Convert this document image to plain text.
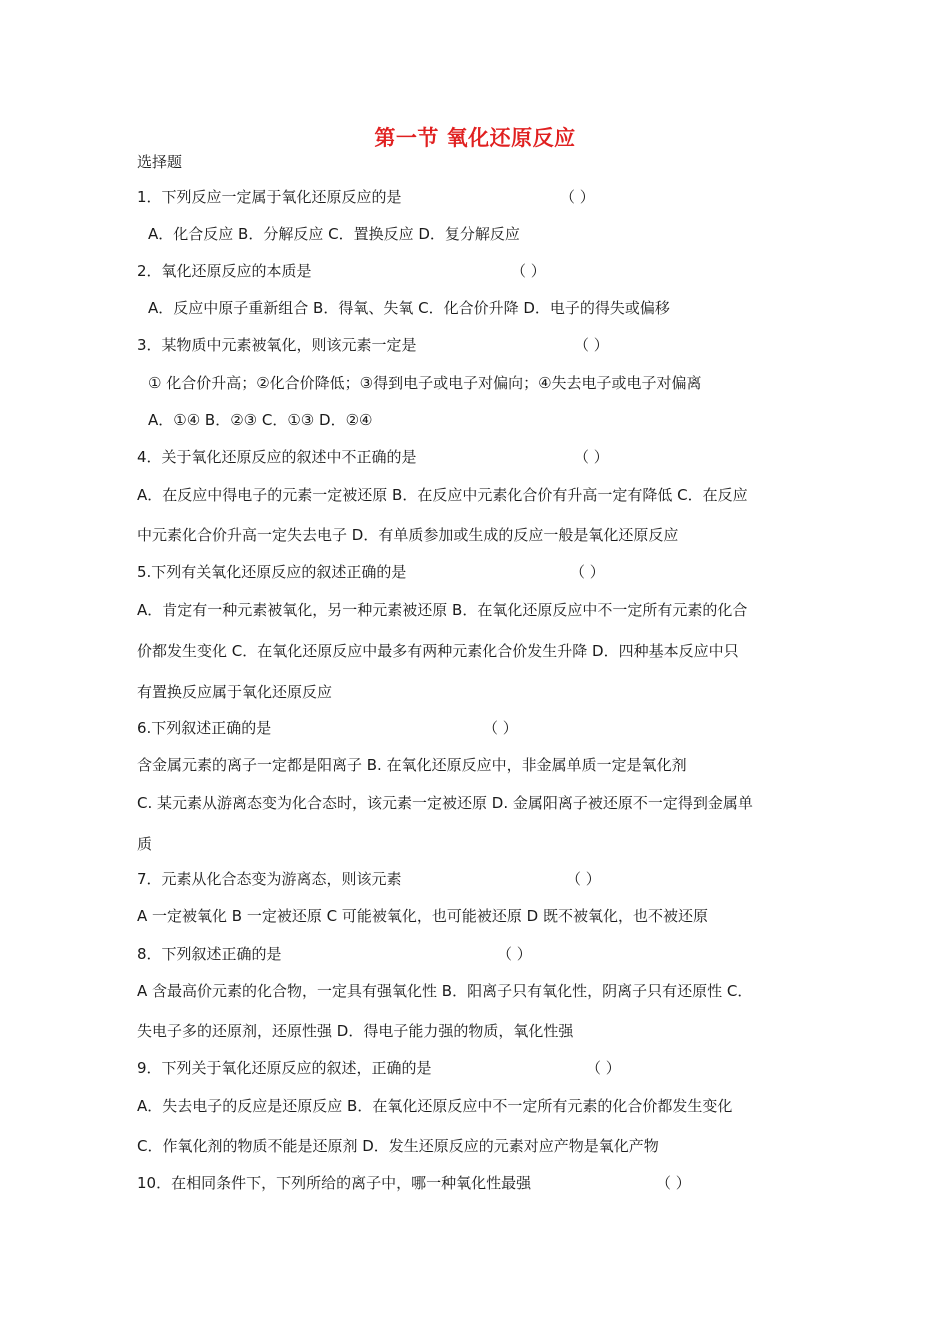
第一节 氧化还原反应
选择题
1．下列反应一定属于氧化还原反应的是	（ ）
A．化合反应 B．分解反应 C．置换反应 D．复分解反应
2．氧化还原反应的本质是	（ ）
A．反应中原子重新组合 B．得氧、失氧 C．化合价升降 D．电子的得失或偏移
3．某物质中元素被氧化，则该元素一定是	（ ）
① 化合价升高；②化合价降低；③得到电子或电子对偏向；④失去电子或电子对偏离
A．①④ B．②③ C．①③ D．②④
4．关于氧化还原反应的叙述中不正确的是	（ ）
A．在反应中得电子的元素一定被还原 B．在反应中元素化合价有升高一定有降低 C．在反应
中元素化合价升高一定失去电子 D．有单质参加或生成的反应一般是氧化还原反应
5.下列有关氧化还原反应的叙述正确的是	（ ）
A．肯定有一种元素被氧化，另一种元素被还原 B．在氧化还原反应中不一定所有元素的化合
价都发生变化 C．在氧化还原反应中最多有两种元素化合价发生升降 D．四种基本反应中只
有置换反应属于氧化还原反应
6.下列叙述正确的是	（ ）
含金属元素的离子一定都是阳离子 B. 在氧化还原反应中，非金属单质一定是氧化剂
C. 某元素从游离态变为化合态时，该元素一定被还原 D. 金属阳离子被还原不一定得到金属单
质
7．元素从化合态变为游离态，则该元素	（ ）
A 一定被氧化 B 一定被还原 C 可能被氧化，也可能被还原 D 既不被氧化，也不被还原
8．下列叙述正确的是	（ ）
A 含最高价元素的化合物，一定具有强氧化性 B．阳离子只有氧化性，阴离子只有还原性 C．
失电子多的还原剂，还原性强 D．得电子能力强的物质，氧化性强
9．下列关于氧化还原反应的叙述，正确的是	（ ）
A．失去电子的反应是还原反应 B．在氧化还原反应中不一定所有元素的化合价都发生变化
C．作氧化剂的物质不能是还原剂 D．发生还原反应的元素对应产物是氧化产物
10．在相同条件下，下列所给的离子中，哪一种氧化性最强	（ ）
